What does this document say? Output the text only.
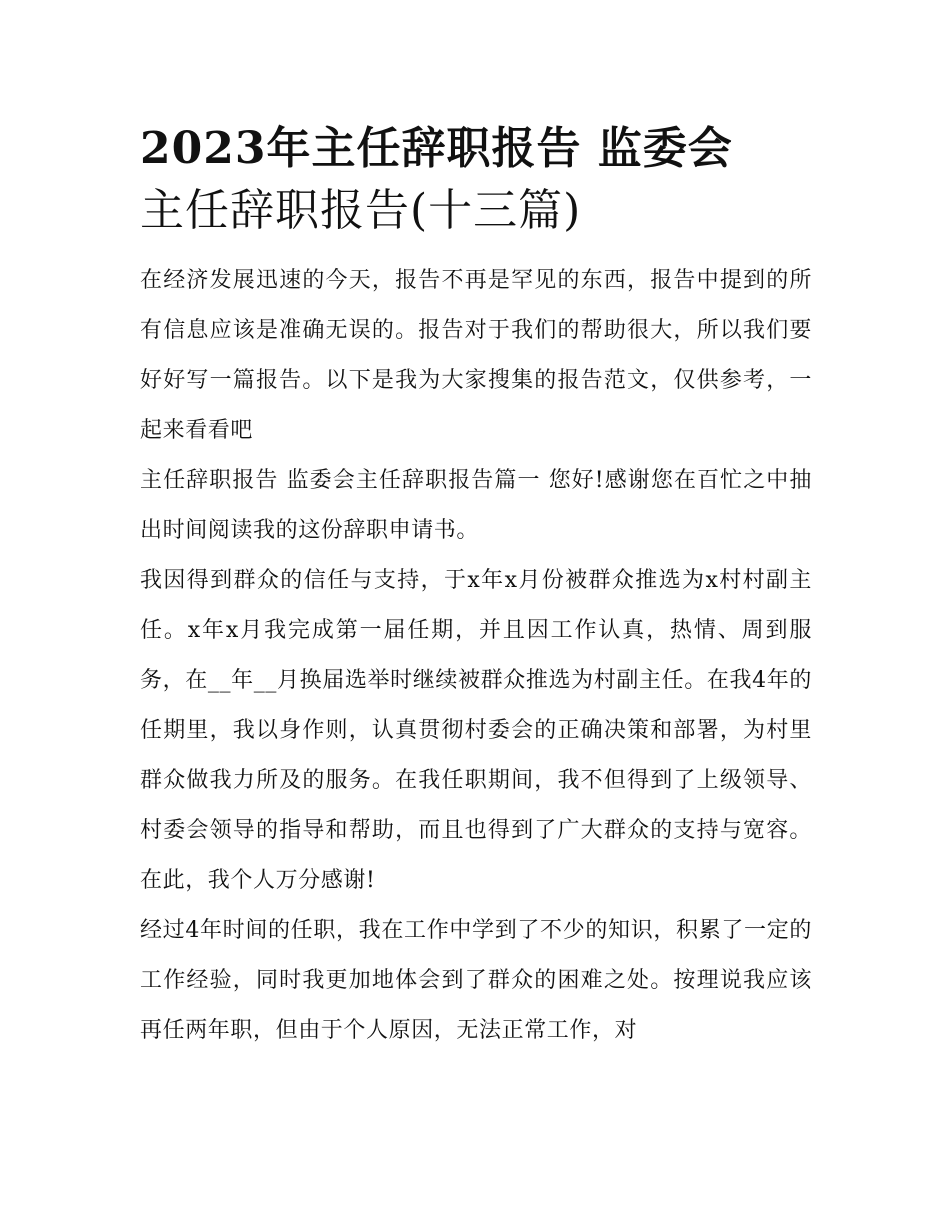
2023年主任辞职报告 监委会
主任辞职报告(十三篇)

在经济发展迅速的今天，报告不再是罕见的东西，报告中提到的所有信息应该是准确无误的。报告对于我们的帮助很大，所以我们要好好写一篇报告。以下是我为大家搜集的报告范文，仅供参考，一起来看看吧

主任辞职报告 监委会主任辞职报告篇一 您好!感谢您在百忙之中抽出时间阅读我的这份辞职申请书。

我因得到群众的信任与支持，于x年x月份被群众推选为x村村副主任。x年x月我完成第一届任期，并且因工作认真，热情、周到服务，在__年__月换届选举时继续被群众推选为村副主任。在我4年的任期里，我以身作则，认真贯彻村委会的正确决策和部署，为村里群众做我力所及的服务。在我任职期间，我不但得到了上级领导、村委会领导的指导和帮助，而且也得到了广大群众的支持与宽容。在此，我个人万分感谢!

经过4年时间的任职，我在工作中学到了不少的知识，积累了一定的工作经验，同时我更加地体会到了群众的困难之处。按理说我应该再任两年职，但由于个人原因，无法正常工作，对
